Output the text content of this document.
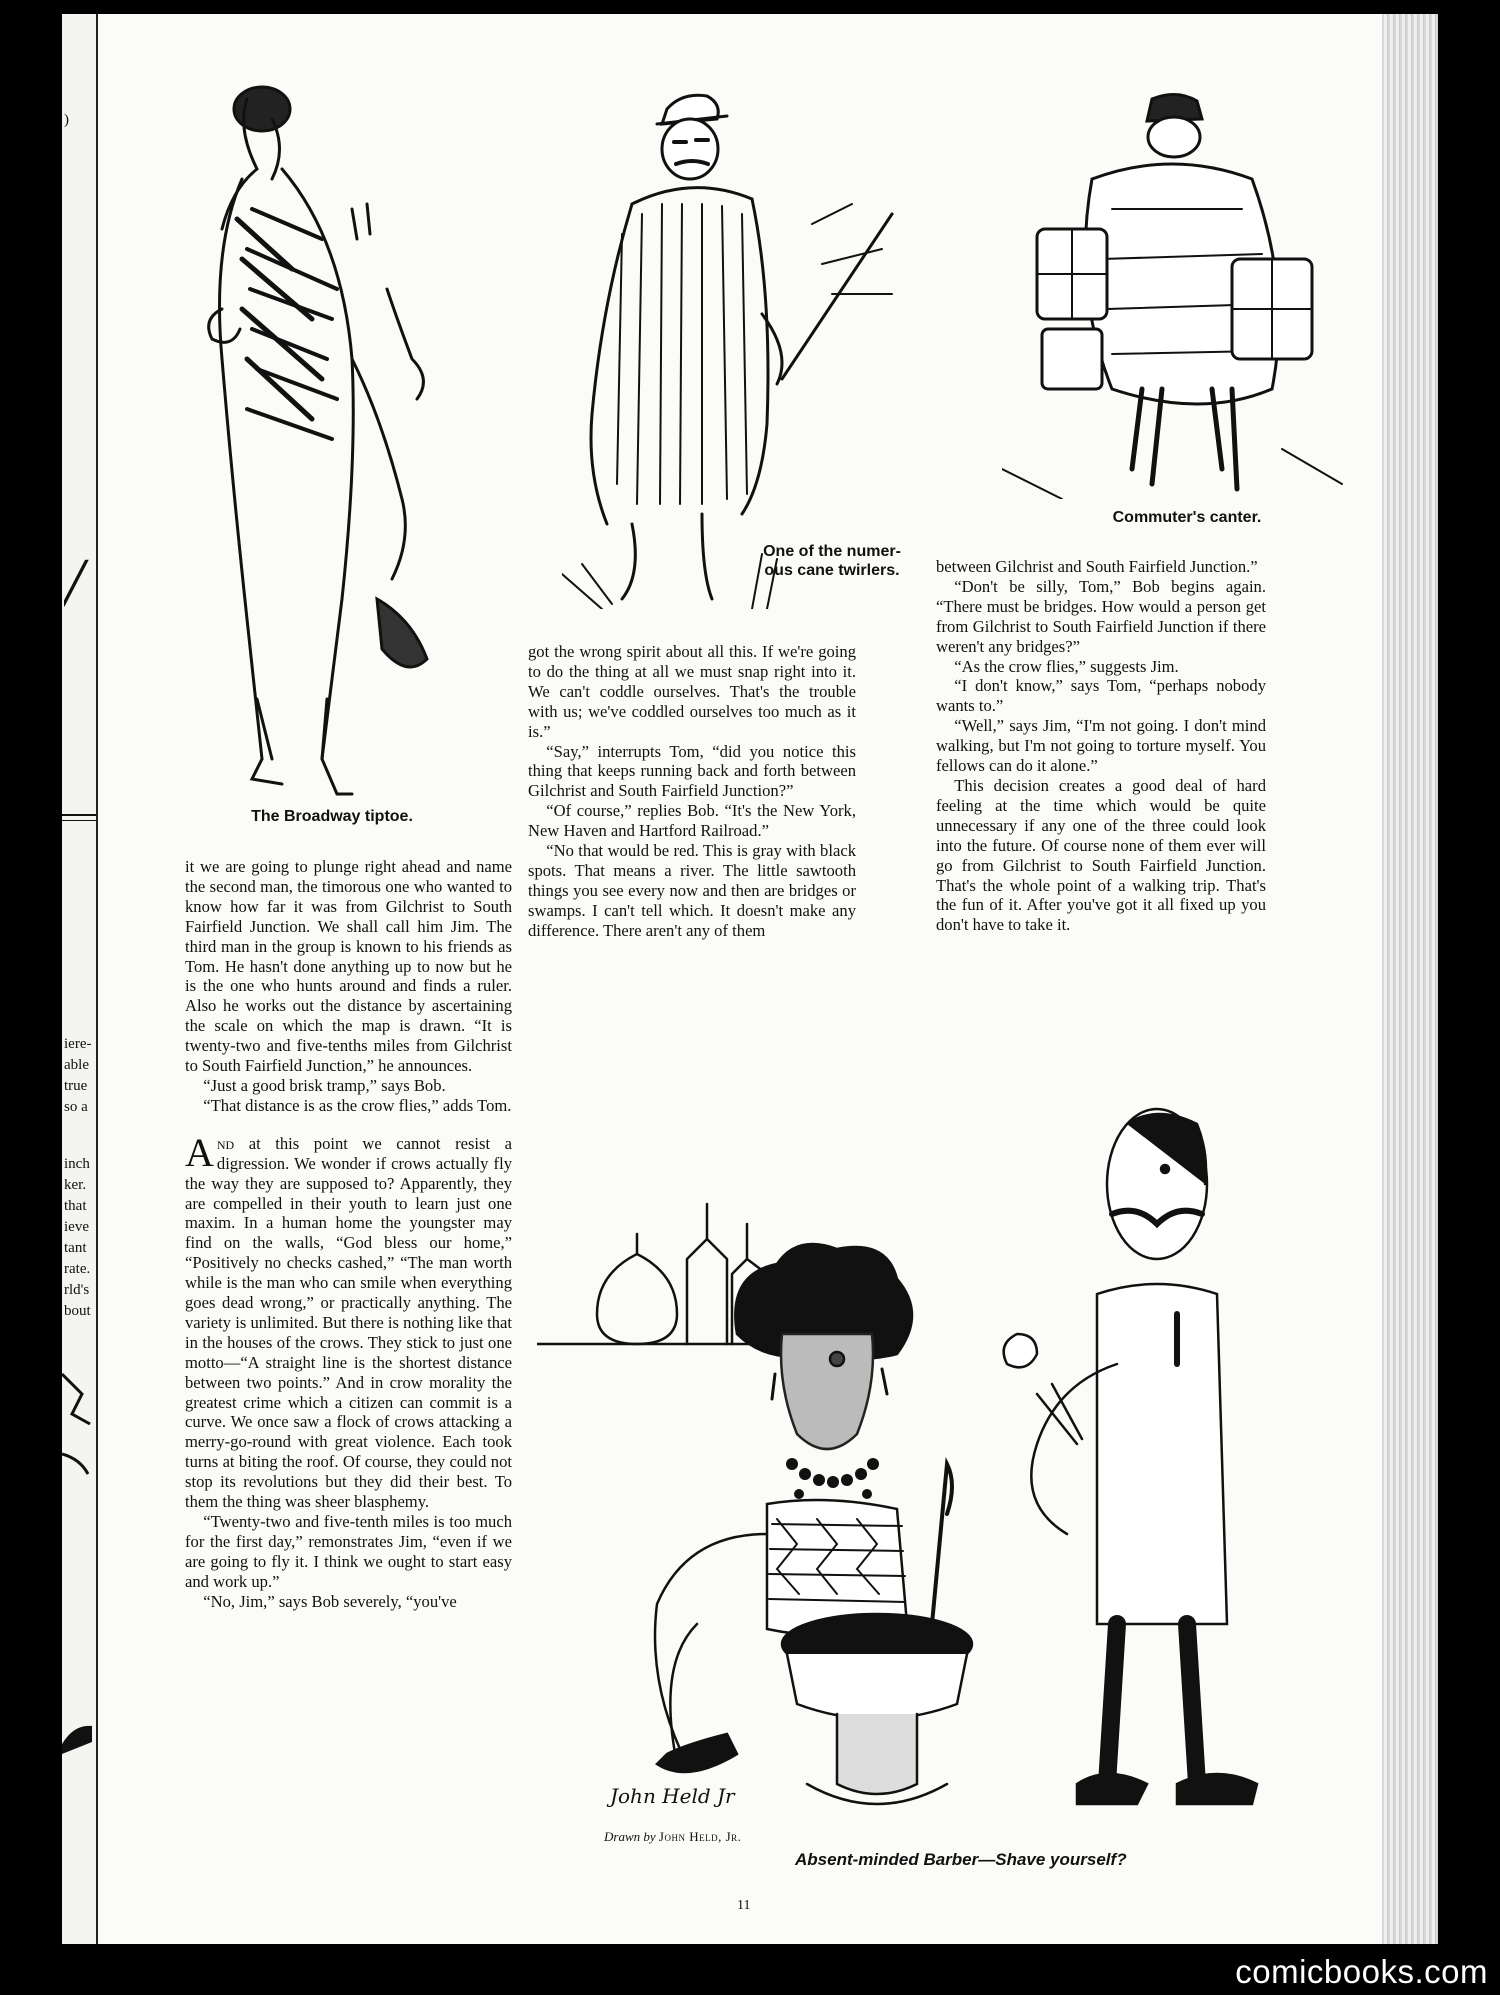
)
/
iere-
able
true
so a
inch
ker.
that
ieve
tant
rate.
rld's
bout
The Broadway tiptoe.
One of the numer-
ous cane twirlers.
Commuter's canter.

it we are going to plunge right ahead and name the second man, the timorous one who wanted to know how far it was from Gilchrist to South Fairfield Junction. We shall call him Jim. The third man in the group is known to his friends as Tom. He hasn't done anything up to now but he is the one who hunts around and finds a ruler. Also he works out the distance by ascertaining the scale on which the map is drawn. “It is twenty-two and five-tenths miles from Gilchrist to South Fairfield Junction,” he announces.

“Just a good brisk tramp,” says Bob.

“That distance is as the crow flies,” adds Tom.

And at this point we cannot resist a digression. We wonder if crows actually fly the way they are supposed to? Apparently, they are compelled in their youth to learn just one maxim. In a human home the youngster may find on the walls, “God bless our home,” “Positively no checks cashed,” “The man worth while is the man who can smile when everything goes dead wrong,” or practically anything. The variety is unlimited. But there is nothing like that in the houses of the crows. They stick to just one motto—“A straight line is the shortest distance between two points.” And in crow morality the greatest crime which a citizen can commit is a curve. We once saw a flock of crows attacking a merry-go-round with great violence. Each took turns at biting the roof. Of course, they could not stop its revolutions but they did their best. To them the thing was sheer blasphemy.

“Twenty-two and five-tenth miles is too much for the first day,” remonstrates Jim, “even if we are going to fly it. I think we ought to start easy and work up.”

“No, Jim,” says Bob severely, “you've

got the wrong spirit about all this. If we're going to do the thing at all we must snap right into it. We can't coddle ourselves. That's the trouble with us; we've coddled ourselves too much as it is.”

“Say,” interrupts Tom, “did you notice this thing that keeps running back and forth between Gilchrist and South Fairfield Junction?”

“Of course,” replies Bob. “It's the New York, New Haven and Hartford Railroad.”

“No that would be red. This is gray with black spots. That means a river. The little sawtooth things you see every now and then are bridges or swamps. I can't tell which. It doesn't make any difference. There aren't any of them

between Gilchrist and South Fairfield Junction.”

“Don't be silly, Tom,” Bob begins again. “There must be bridges. How would a person get from Gilchrist to South Fairfield Junction if there weren't any bridges?”

“As the crow flies,” suggests Jim.

“I don't know,” says Tom, “perhaps nobody wants to.”

“Well,” says Jim, “I'm not going. I don't mind walking, but I'm not going to torture myself. You fellows can do it alone.”

This decision creates a good deal of hard feeling at the time which would be quite unnecessary if any one of the three could look into the future. Of course none of them ever will go from Gilchrist to South Fairfield Junction. That's the whole point of a walking trip. That's the fun of it. After you've got it all fixed up you don't have to take it.

John Held Jr
Drawn by John Held, Jr.
Absent-minded Barber—Shave yourself?
11
comicbooks.com
